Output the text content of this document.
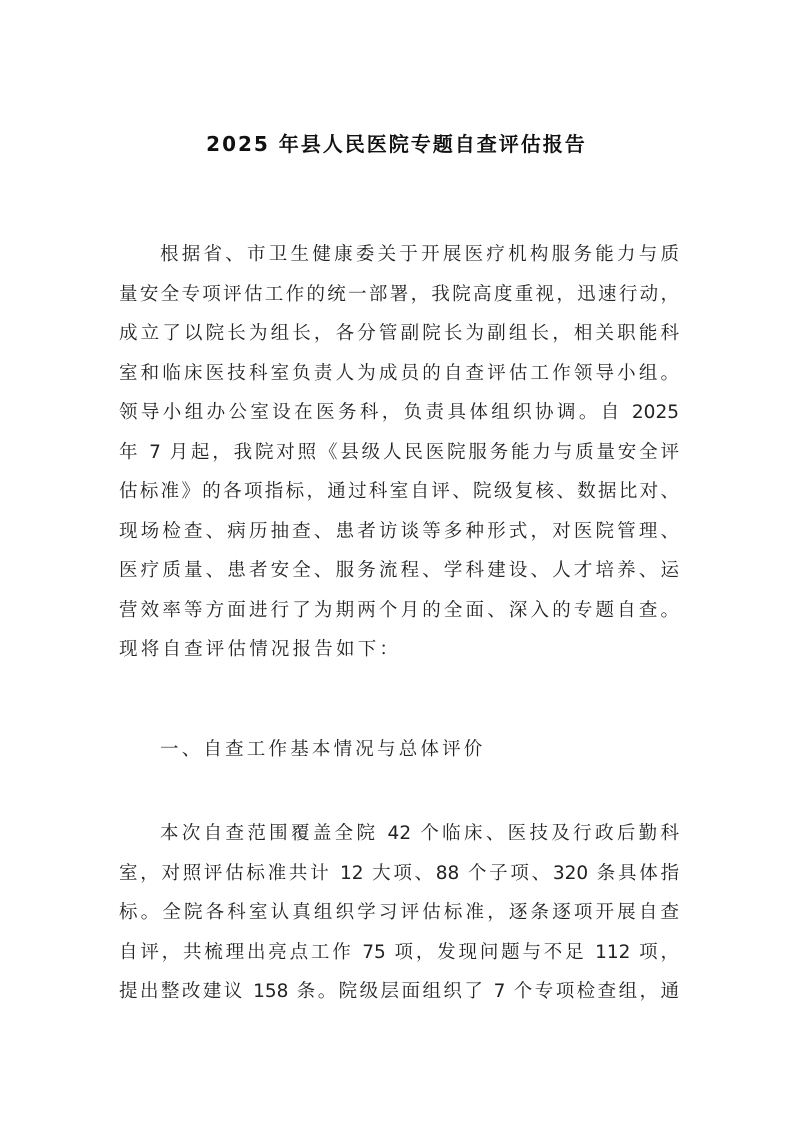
2025 年县人民医院专题自查评估报告
根据省、市卫生健康委关于开展医疗机构服务能力与质
量安全专项评估工作的统一部署，我院高度重视，迅速行动，
成立了以院长为组长，各分管副院长为副组长，相关职能科
室和临床医技科室负责人为成员的自查评估工作领导小组。
领导小组办公室设在医务科，负责具体组织协调。自 2025
年 7 月起，我院对照《县级人民医院服务能力与质量安全评
估标准》的各项指标，通过科室自评、院级复核、数据比对、
现场检查、病历抽查、患者访谈等多种形式，对医院管理、
医疗质量、患者安全、服务流程、学科建设、人才培养、运
营效率等方面进行了为期两个月的全面、深入的专题自查。
现将自查评估情况报告如下：
一、自查工作基本情况与总体评价
本次自查范围覆盖全院 42 个临床、医技及行政后勤科
室，对照评估标准共计 12 大项、88 个子项、320 条具体指
标。全院各科室认真组织学习评估标准，逐条逐项开展自查
自评，共梳理出亮点工作 75 项，发现问题与不足 112 项，
提出整改建议 158 条。院级层面组织了 7 个专项检查组，通
